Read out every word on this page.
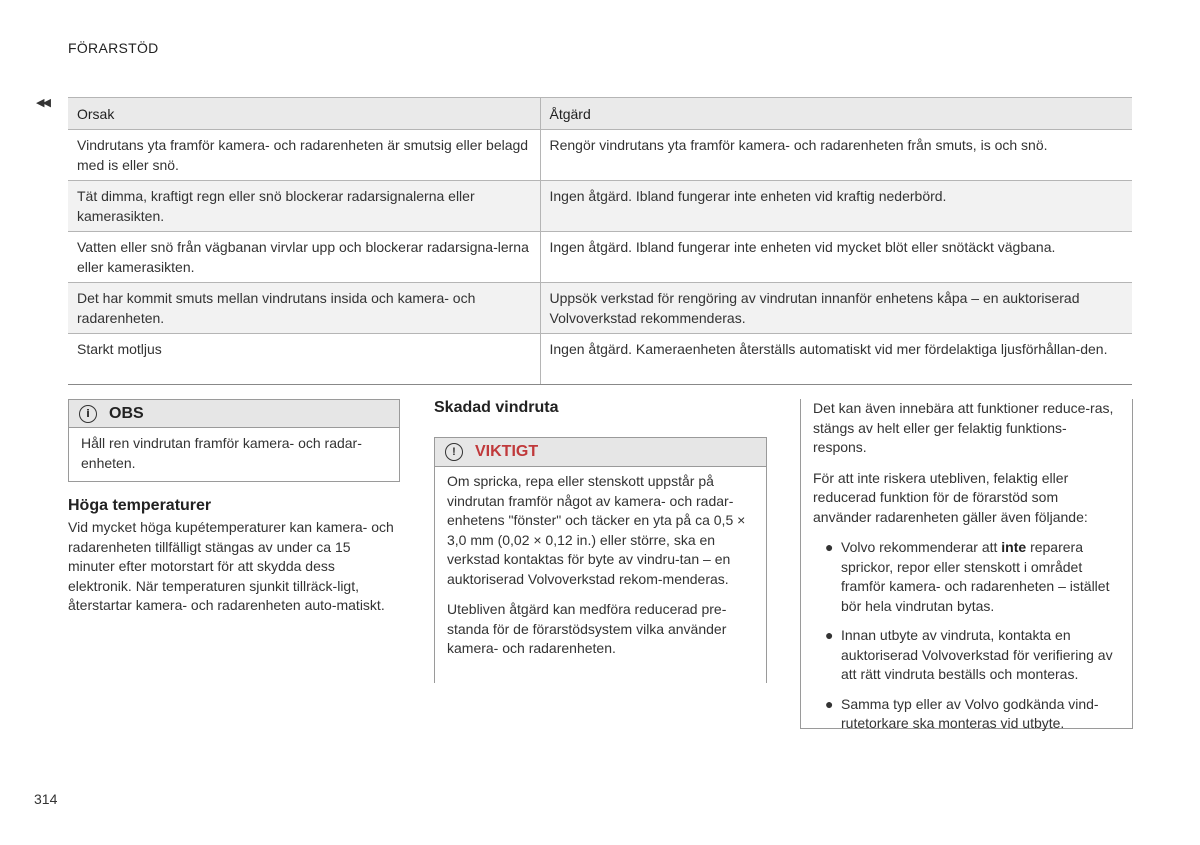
FÖRARSTÖD
◀◀
Orsak	Åtgärd
Vindrutans yta framför kamera- och radarenheten är smutsig eller belagd med is eller snö.	Rengör vindrutans yta framför kamera- och radarenheten från smuts, is och snö.
Tät dimma, kraftigt regn eller snö blockerar radarsignalerna eller kamerasikten.	Ingen åtgärd. Ibland fungerar inte enheten vid kraftig nederbörd.
Vatten eller snö från vägbanan virvlar upp och blockerar radarsigna-lerna eller kamerasikten.	Ingen åtgärd. Ibland fungerar inte enheten vid mycket blöt eller snötäckt vägbana.
Det har kommit smuts mellan vindrutans insida och kamera- och radarenheten.	Uppsök verkstad för rengöring av vindrutan innanför enhetens kåpa – en auktoriserad Volvoverkstad rekommenderas.
Starkt motljus	Ingen åtgärd. Kameraenheten återställs automatiskt vid mer fördelaktiga ljusförhållan-den.
i	OBS
Håll ren vindrutan framför kamera- och radar-enheten.
Höga temperaturer
Vid mycket höga kupétemperaturer kan kamera- och radarenheten tillfälligt stängas av under ca 15 minuter efter motorstart för att skydda dess elektronik. När temperaturen sjunkit tillräck-ligt, återstartar kamera- och radarenheten auto-matiskt.
Skadad vindruta
!	VIKTIGT

Om spricka, repa eller stenskott uppstår på vindrutan framför något av kamera- och radar-enhetens "fönster" och täcker en yta på ca 0,5 × 3,0 mm (0,02 × 0,12 in.) eller större, ska en verkstad kontaktas för byte av vindru-tan – en auktoriserad Volvoverkstad rekom-menderas.

Utebliven åtgärd kan medföra reducerad pre-standa för de förarstödsystem vilka använder kamera- och radarenheten.

Det kan även innebära att funktioner reduce-ras, stängs av helt eller ger felaktig funktions-respons.

För att inte riskera utebliven, felaktig eller reducerad funktion för de förarstöd som använder radarenheten gäller även följande:

● Volvo rekommenderar att inte reparera sprickor, repor eller stenskott i området framför kamera- och radarenheten – istället bör hela vindrutan bytas.
● Innan utbyte av vindruta, kontakta en auktoriserad Volvoverkstad för verifiering av att rätt vindruta beställs och monteras.
● Samma typ eller av Volvo godkända vind-rutetorkare ska monteras vid utbyte.
314
